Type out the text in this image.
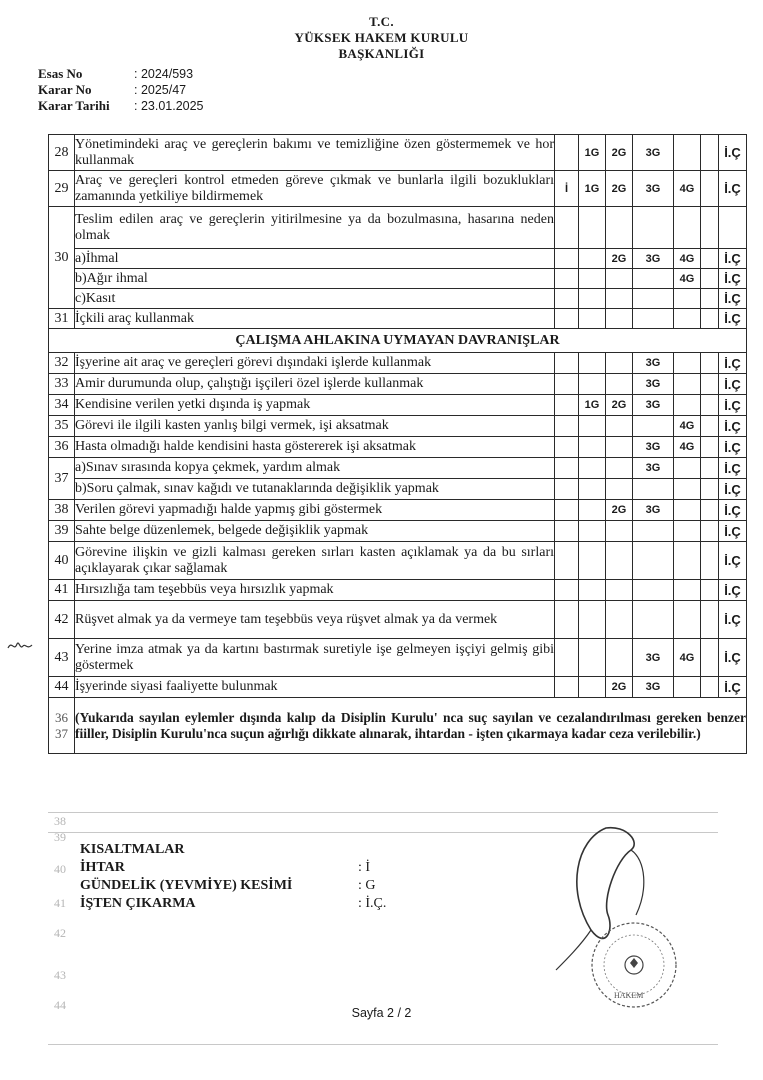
T.C.
YÜKSEK HAKEM KURULU
BAŞKANLIĞI
Esas No	: 2024/593
Karar No	: 2025/47
Karar Tarihi	: 23.01.2025
28	Yönetimindeki araç ve gereçlerin bakımı ve temizliğine özen göstermemek ve hor kullanmak		1G	2G	3G			İ.Ç
29	Araç ve gereçleri kontrol etmeden göreve çıkmak ve bunlarla ilgili bozuklukları zamanında yetkiliye bildirmemek	İ	1G	2G	3G	4G		İ.Ç
30	Teslim edilen araç ve gereçlerin yitirilmesine ya da bozulmasına, hasarına neden olmak							
	a)İhmal			2G	3G	4G		İ.Ç
	b)Ağır ihmal					4G		İ.Ç
	c)Kasıt							İ.Ç
31	İçkili araç kullanmak							İ.Ç
ÇALIŞMA AHLAKINA UYMAYAN DAVRANIŞLAR								
32	İşyerine ait araç ve gereçleri görevi dışındaki işlerde kullanmak				3G			İ.Ç
33	Amir durumunda olup, çalıştığı işçileri özel işlerde kullanmak				3G			İ.Ç
34	Kendisine verilen yetki dışında iş yapmak		1G	2G	3G			İ.Ç
35	Görevi ile ilgili kasten yanlış bilgi vermek, işi aksatmak					4G		İ.Ç
36	Hasta olmadığı halde kendisini hasta göstererek işi aksatmak				3G	4G		İ.Ç
37	a)Sınav sırasında kopya çekmek, yardım almak				3G			İ.Ç
	b)Soru çalmak, sınav kağıdı ve tutanaklarında değişiklik yapmak							İ.Ç
38	Verilen görevi yapmadığı halde yapmış gibi göstermek			2G	3G			İ.Ç
39	Sahte belge düzenlemek, belgede değişiklik yapmak							İ.Ç
40	Görevine ilişkin ve gizli kalması gereken sırları kasten açıklamak ya da bu sırları açıklayarak çıkar sağlamak							İ.Ç
41	Hırsızlığa tam teşebbüs veya hırsızlık yapmak							İ.Ç
42	Rüşvet almak ya da vermeye tam teşebbüs veya rüşvet almak ya da vermek							İ.Ç
43	Yerine imza atmak ya da kartını bastırmak suretiyle işe gelmeyen işçiyi gelmiş gibi göstermek				3G	4G		İ.Ç
44	İşyerinde siyasi faaliyette bulunmak			2G	3G			İ.Ç

36
37	(Yukarıda sayılan eylemler dışında kalıp da Disiplin Kurulu' nca suç sayılan ve cezalandırılması gereken benzer fiiller, Disiplin Kurulu'nca suçun ağırlığı dikkate alınarak, ihtardan - işten çıkarmaya kadar ceza verilebilir.)							
38
39
40
41
42
43
44
KISALTMALAR
İHTAR	: İ
GÜNDELİK (YEVMİYE) KESİMİ	: G
İŞTEN ÇIKARMA	: İ.Ç.
HAKEM
Sayfa 2 / 2
